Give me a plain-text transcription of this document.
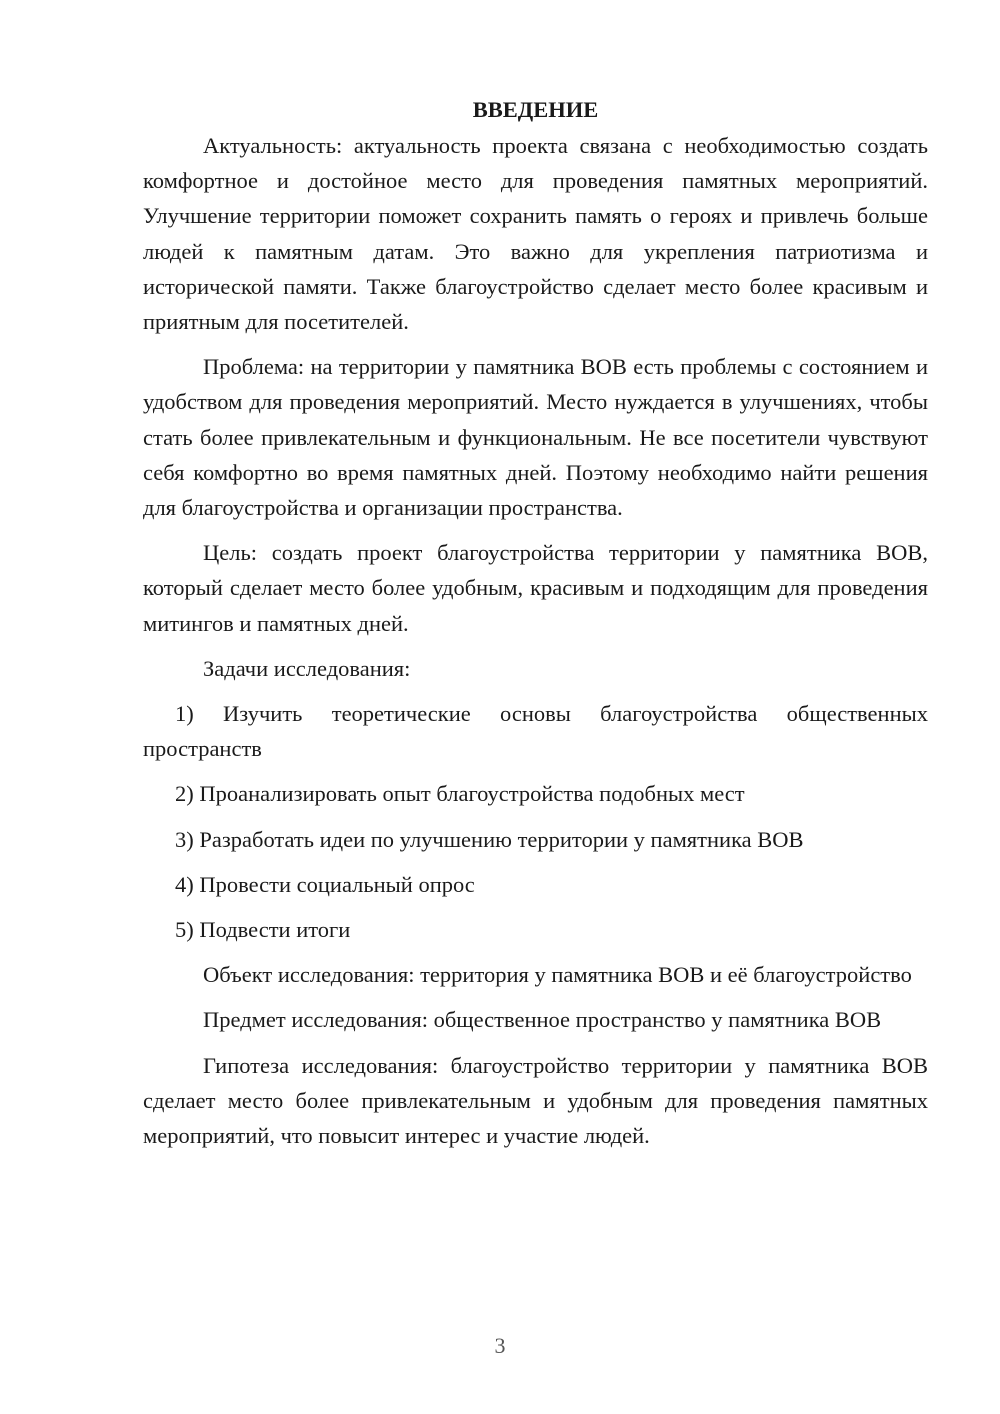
ВВЕДЕНИЕ

Актуальность: актуальность проекта связана с необходимостью создать комфортное и достойное место для проведения памятных мероприятий. Улучшение территории поможет сохранить память о героях и привлечь больше людей к памятным датам. Это важно для укрепления патриотизма и исторической памяти. Также благоустройство сделает место более красивым и приятным для посетителей.

Проблема: на территории у памятника ВОВ есть проблемы с состоянием и удобством для проведения мероприятий. Место нуждается в улучшениях, чтобы стать более привлекательным и функциональным. Не все посетители чувствуют себя комфортно во время памятных дней. Поэтому необходимо найти решения для благоустройства и организации пространства.

Цель: создать проект благоустройства территории у памятника ВОВ, который сделает место более удобным, красивым и подходящим для проведения митингов и памятных дней.

Задачи исследования:

1) Изучить теоретические основы благоустройства общественных пространств

2) Проанализировать опыт благоустройства подобных мест

3) Разработать идеи по улучшению территории у памятника ВОВ

4) Провести социальный опрос

5) Подвести итоги

Объект исследования: территория у памятника ВОВ и её благоустройство

Предмет исследования: общественное пространство у памятника ВОВ

Гипотеза исследования: благоустройство территории у памятника ВОВ сделает место более привлекательным и удобным для проведения памятных мероприятий, что повысит интерес и участие людей.

3
